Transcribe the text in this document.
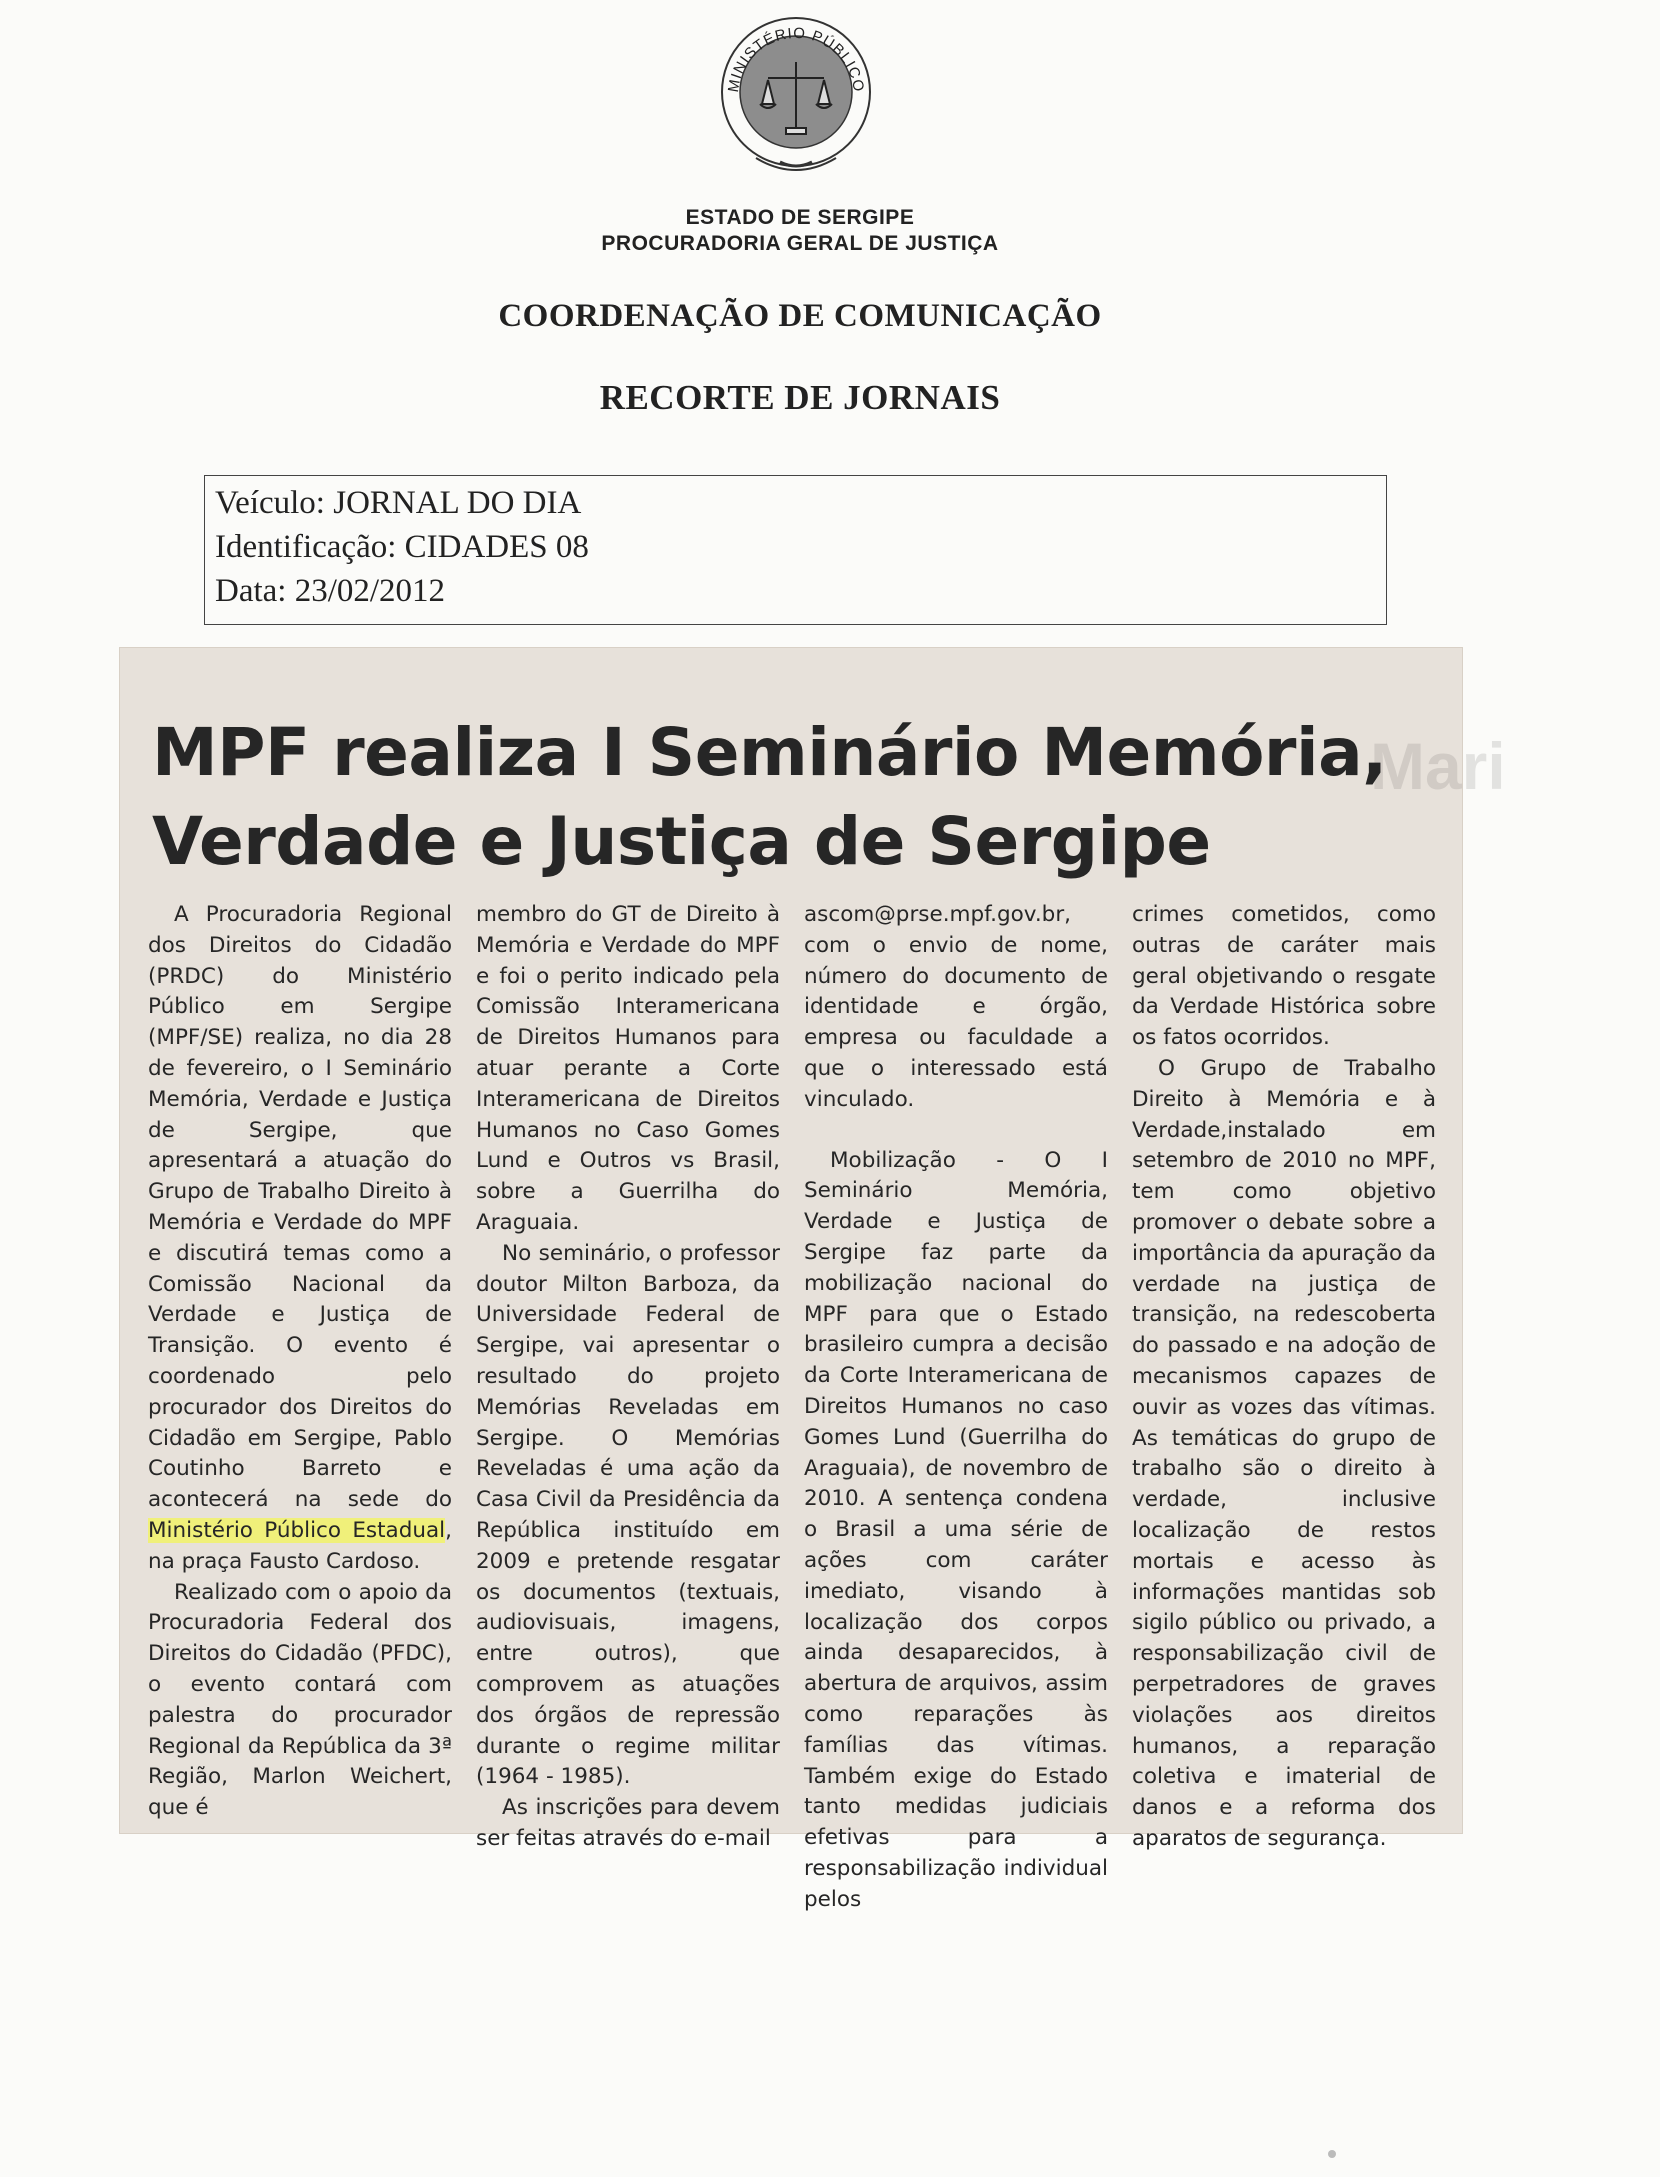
MINISTÉRIO PÚBLICO
ESTADO DE SERGIPE
PROCURADORIA GERAL DE JUSTIÇA
COORDENAÇÃO DE COMUNICAÇÃO
RECORTE DE JORNAIS
Veículo: JORNAL DO DIA
Identificação: CIDADES 08
Data: 23/02/2012
Mari
MPF realiza I Seminário Memória,
Verdade e Justiça de Sergipe

A Procuradoria Regional dos Direitos do Cidadão (PRDC) do Ministério Público em Sergipe (MPF/SE) realiza, no dia 28 de fevereiro, o I Seminário Memória, Verdade e Justiça de Sergipe, que apresentará a atuação do Grupo de Trabalho Direito à Memória e Verdade do MPF e discutirá temas como a Comissão Nacional da Verdade e Justiça de Transição. O evento é coordenado pelo procurador dos Direitos do Cidadão em Sergipe, Pablo Coutinho Barreto e acontecerá na sede do Ministério Público Estadual, na praça Fausto Cardoso.

Realizado com o apoio da Procuradoria Federal dos Direitos do Cidadão (PFDC), o evento contará com palestra do procurador Regional da República da 3ª Região, Marlon Weichert, que é

membro do GT de Direito à Memória e Verdade do MPF e foi o perito indicado pela Comissão Interamericana de Direitos Humanos para atuar perante a Corte Interamericana de Direitos Humanos no Caso Gomes Lund e Outros vs Brasil, sobre a Guerrilha do Araguaia.

No seminário, o professor doutor Milton Barboza, da Universidade Federal de Sergipe, vai apresentar o resultado do projeto Memórias Reveladas em Sergipe. O Memórias Reveladas é uma ação da Casa Civil da Presidência da República instituído em 2009 e pretende resgatar os documentos (textuais, audiovisuais, imagens, entre outros), que comprovem as atuações dos órgãos de repressão durante o regime militar (1964 - 1985).

As inscrições para devem ser feitas através do e-mail

ascom@prse.mpf.gov.br, com o envio de nome, número do documento de identidade e órgão, empresa ou faculdade a que o interessado está vinculado.

Mobilização - O I Seminário Memória, Verdade e Justiça de Sergipe faz parte da mobilização nacional do MPF para que o Estado brasileiro cumpra a decisão da Corte Interamericana de Direitos Humanos no caso Gomes Lund (Guerrilha do Araguaia), de novembro de 2010. A sentença condena o Brasil a uma série de ações com caráter imediato, visando à localização dos corpos ainda desaparecidos, à abertura de arquivos, assim como reparações às famílias das vítimas. Também exige do Estado tanto medidas judiciais efetivas para a responsabilização individual pelos

crimes cometidos, como outras de caráter mais geral objetivando o resgate da Verdade Histórica sobre os fatos ocorridos.

O Grupo de Trabalho Direito à Memória e à Verdade,instalado em setembro de 2010 no MPF, tem como objetivo promover o debate sobre a importância da apuração da verdade na justiça de transição, na redescoberta do passado e na adoção de mecanismos capazes de ouvir as vozes das vítimas. As temáticas do grupo de trabalho são o direito à verdade, inclusive localização de restos mortais e acesso às informações mantidas sob sigilo público ou privado, a responsabilização civil de perpetradores de graves violações aos direitos humanos, a reparação coletiva e imaterial de danos e a reforma dos aparatos de segurança.
